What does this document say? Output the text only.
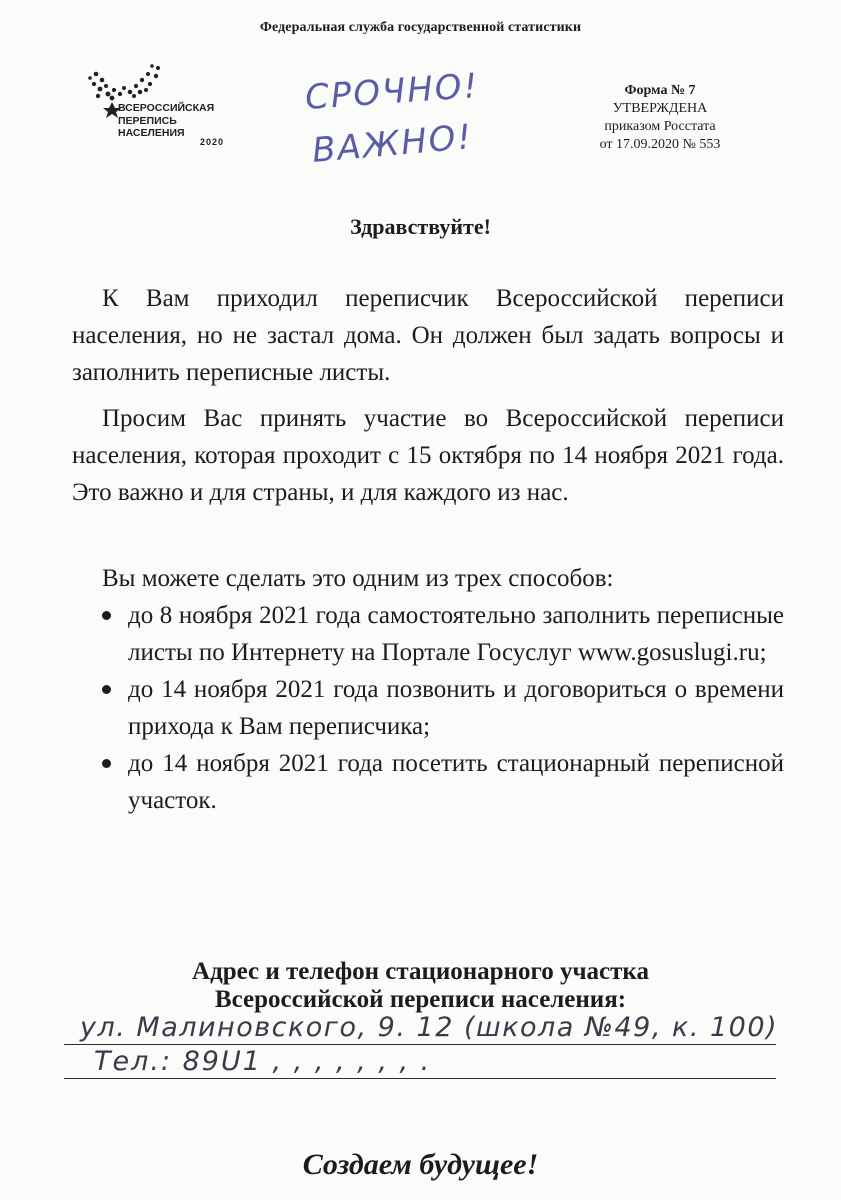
Федеральная служба государственной статистики
ВСЕРОССИЙСКАЯ
ПЕРЕПИСЬ
НАСЕЛЕНИЯ
2020
СРОЧНО!
ВАЖНО!
Форма № 7
УТВЕРЖДЕНА
приказом Росстата
от 17.09.2020 № 553
Здравствуйте!
К Вам приходил переписчик Всероссийской переписи населения, но не застал дома. Он должен был задать вопросы и заполнить переписные листы.
Просим Вас принять участие во Всероссийской переписи населения, которая проходит с 15 октября по 14 ноября 2021 года. Это важно и для страны, и для каждого из нас.
Вы можете сделать это одним из трех способов:
до 8 ноября 2021 года самостоятельно заполнить переписные листы по Интернету на Портале Госуслуг www.gosuslugi.ru;
до 14 ноября 2021 года позвонить и договориться о времени прихода к Вам переписчика;
до 14 ноября 2021 года посетить стационарный переписной участок.
Адрес и телефон стационарного участка
Всероссийской переписи населения:
ул. Малиновского, 9. 12 (школа №49, к. 100)
Тел.: 89U1 , , , , , , , .
Создаем будущее!
